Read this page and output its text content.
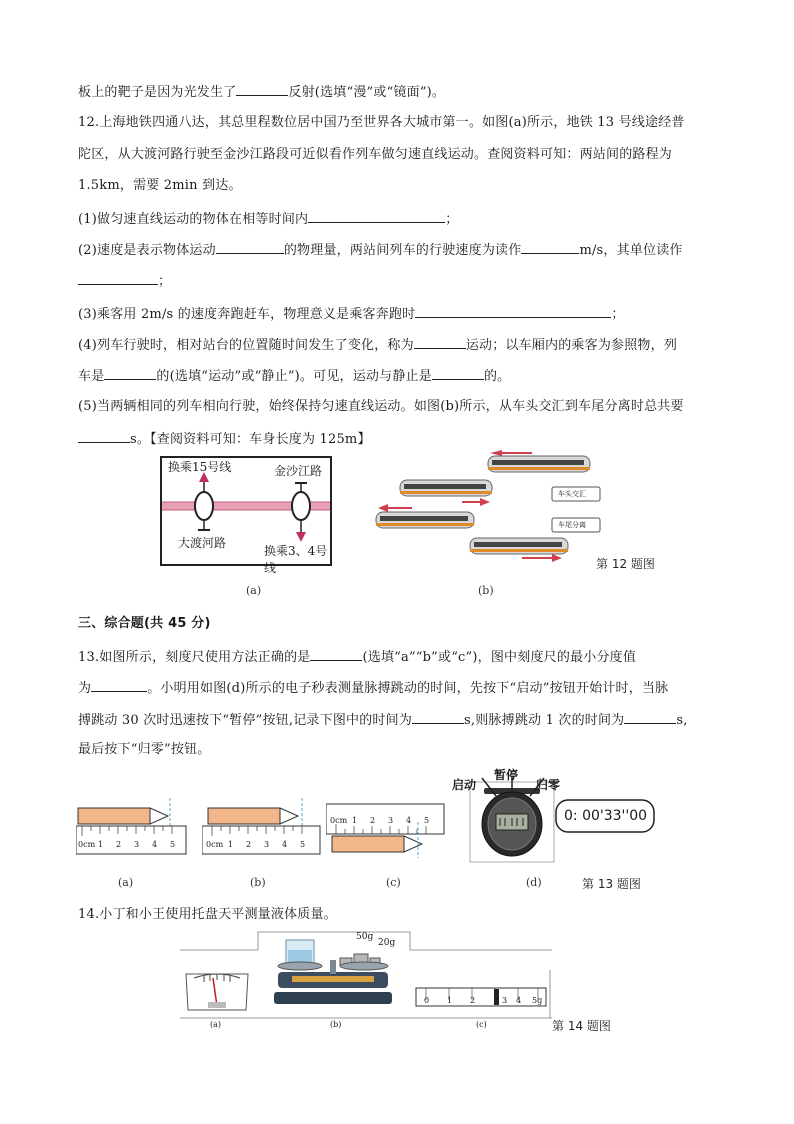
板上的靶子是因为光发生了	反射(选填“漫”或“镜面”)。
12.上海地铁四通八达，其总里程数位居中国乃至世界各大城市第一。如图(a)所示，地铁 13 号线途经普
陀区，从大渡河路行驶至金沙江路段可近似看作列车做匀速直线运动。查阅资料可知：两站间的路程为
1.5km，需要 2min 到达。
(1)做匀速直线运动的物体在相等时间内	；
(2)速度是表示物体运动	的物理量，两站间列车的行驶速度为读作	m/s，其单位读作
；
(3)乘客用 2m/s 的速度奔跑赶车，物理意义是乘客奔跑时	；
(4)列车行驶时，相对站台的位置随时间发生了变化，称为	运动；以车厢内的乘客为参照物，列
车是	的(选填“运动”或“静止”)。可见，运动与静止是	的。
(5)当两辆相同的列车相向行驶，始终保持匀速直线运动。如图(b)所示，从车头交汇到车尾分离时总共要
s。【查阅资料可知：车身长度为 125m】
换乘15号线	金沙江路
大渡河路
换乘3、4号线
(a)
车头交汇
车尾分离
第 12 题图
(b)
三、综合题(共 45 分)
13.如图所示，刻度尺使用方法正确的是	(选填“a”“b”或“c”)，图中刻度尺的最小分度值
为	。小明用如图(d)所示的电子秒表测量脉搏跳动的时间，先按下“启动”按钮开始计时，当脉
搏跳动 30 次时迅速按下“暂停”按钮,记录下图中的时间为	s,则脉搏跳动 1 次的时间为	s,
最后按下“归零”按钮。
0cm 1 2 3 4 5
(a)
0cm 1 2 3 4 5
(b)
0cm 1 2 3 4 5
(c)
启动
暂停
归零
0: 00'33''00
(d)	第 13 题图
14.小丁和小王使用托盘天平测量液体质量。
50g
20g
0 1 2	3 4 5g
(a)	(b)	(c)	第 14 题图
